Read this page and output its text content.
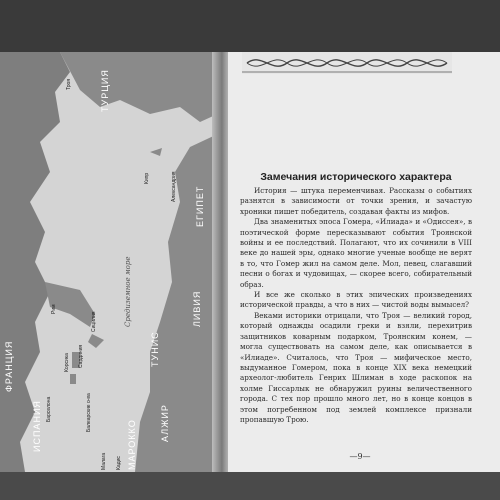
ТУРЦИЯ
ЕГИПЕТ
ЛИВИЯ
ТУНИС
АЛЖИР
МАРОККО
ИСПАНИЯ
ФРАНЦИЯ
Средиземное море
Троя
Кипр	Александрия
Рим
Сицилия
Сардиния
Корсика
Балеарские о-ва
Барселона
Малага Кадис
Замечания исторического характера

История — штука переменчивая. Рассказы о событиях разнятся в зависимости от точки зрения, и зачастую хроники пишет победитель, создавая факты из мифов.

Два знаменитых эпоса Гомера, «Илиада» и «Одиссея», в поэтической форме пересказывают события Троянской войны и ее последствий. Полагают, что их сочинили в VIII веке до нашей эры, однако многие ученые вообще не верят в то, что Гомер жил на самом деле. Мол, певец, слагавший песни о богах и чудовищах, — скорее всего, собирательный образ.

И все же сколько в этих эпических произведениях исторической правды, а что в них — чистой воды вымысел?

Веками историки отрицали, что Троя — великий город, который однажды осадили греки и взяли, перехитрив защитников коварным подарком, Троянским конем, — могла существовать на самом деле, как описывается в «Илиаде». Считалось, что Троя — мифическое место, выдуманное Гомером, пока в конце XIX века немецкий археолог-любитель Генрих Шлиман в ходе раскопок на холме Гиссарлык не обнаружил руины величественного города. С тех пор прошло много лет, но в конце концов в этом погребенном под землей комплексе признали пропавшую Трою.

—9—
